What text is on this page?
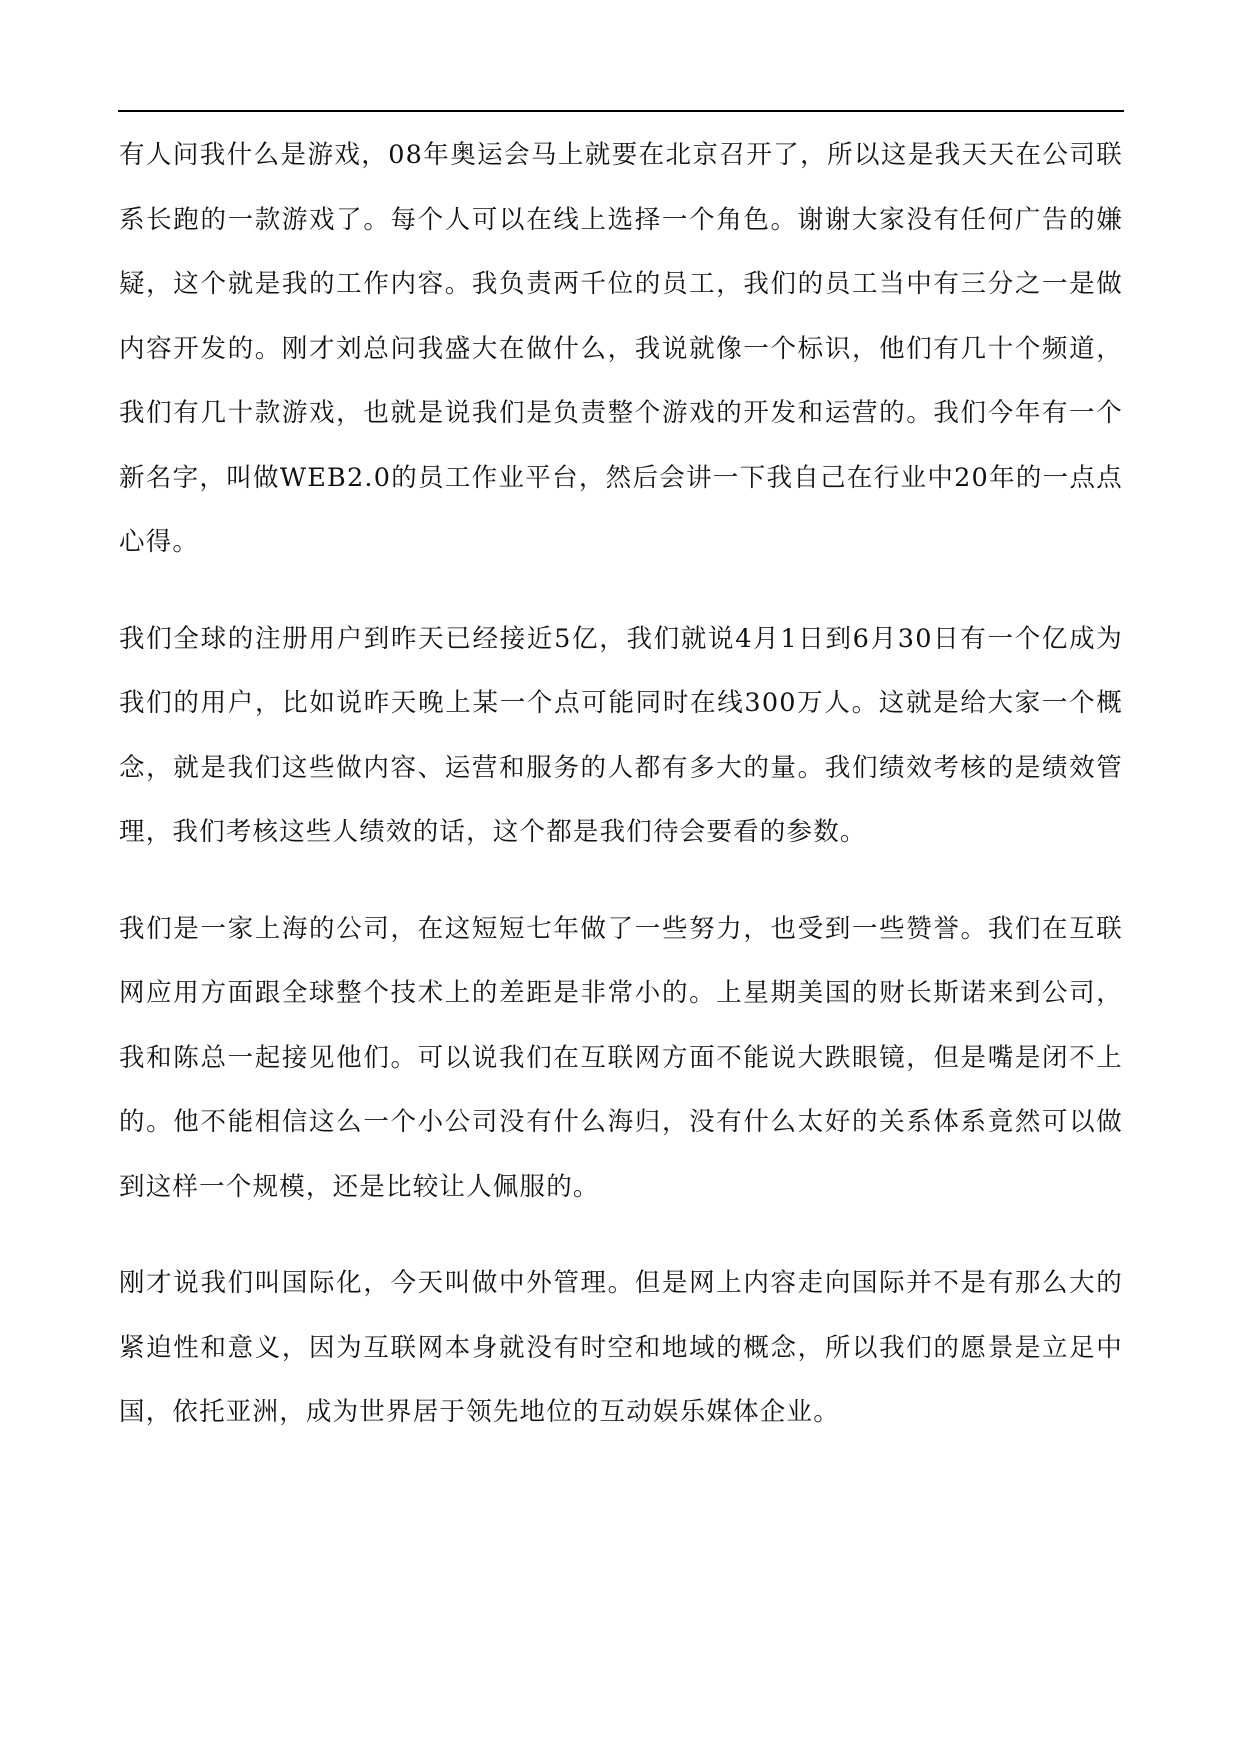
有人问我什么是游戏，08年奥运会马上就要在北京召开了，所以这是我天天在公司联系长跑的一款游戏了。每个人可以在线上选择一个角色。谢谢大家没有任何广告的嫌疑，这个就是我的工作内容。我负责两千位的员工，我们的员工当中有三分之一是做内容开发的。刚才刘总问我盛大在做什么，我说就像一个标识，他们有几十个频道，我们有几十款游戏，也就是说我们是负责整个游戏的开发和运营的。我们今年有一个新名字，叫做WEB2.0的员工作业平台，然后会讲一下我自己在行业中20年的一点点心得。

我们全球的注册用户到昨天已经接近5亿，我们就说4月1日到6月30日有一个亿成为我们的用户，比如说昨天晚上某一个点可能同时在线300万人。这就是给大家一个概念，就是我们这些做内容、运营和服务的人都有多大的量。我们绩效考核的是绩效管理，我们考核这些人绩效的话，这个都是我们待会要看的参数。

我们是一家上海的公司，在这短短七年做了一些努力，也受到一些赞誉。我们在互联网应用方面跟全球整个技术上的差距是非常小的。上星期美国的财长斯诺来到公司，我和陈总一起接见他们。可以说我们在互联网方面不能说大跌眼镜，但是嘴是闭不上的。他不能相信这么一个小公司没有什么海归，没有什么太好的关系体系竟然可以做到这样一个规模，还是比较让人佩服的。

刚才说我们叫国际化，今天叫做中外管理。但是网上内容走向国际并不是有那么大的紧迫性和意义，因为互联网本身就没有时空和地域的概念，所以我们的愿景是立足中国，依托亚洲，成为世界居于领先地位的互动娱乐媒体企业。
